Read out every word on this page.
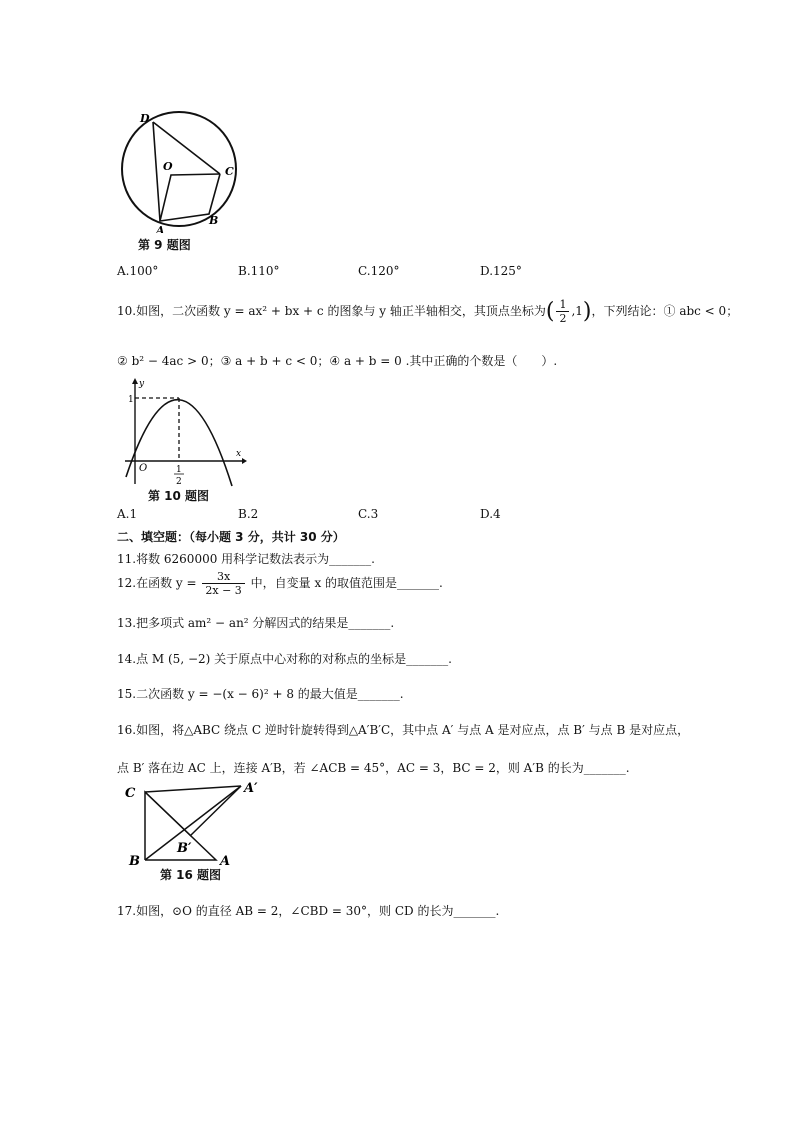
D
O	C
B
A
第 9 题图
A.100°	B.110°	C.120°	D.125°
10.如图，二次函数 y = ax² + bx + c 的图象与 y 轴正半轴相交，其顶点坐标为( $\frac{1}{2} ,1$)，下列结论：① abc < 0；
② b² − 4ac > 0；③ a + b + c < 0；④ a + b = 0 .其中正确的个数是（　　）.
y
x
O
1
1
2
第 10 题图
A.1	B.2	C.3	D.4
二、填空题：（每小题 3 分，共计 30 分）
11.将数 6260000 用科学记数法表示为_______.
12.在函数 $y = \frac{3x}{2x - 3}$ 中，自变量 x 的取值范围是_______.
13.把多项式 am² − an² 分解因式的结果是_______.
14.点 M (5, −2) 关于原点中心对称的对称点的坐标是_______.
15.二次函数 y = −(x − 6)² + 8 的最大值是_______.
16.如图，将△ABC 绕点 C 逆时针旋转得到△A′B′C，其中点 A′ 与点 A 是对应点，点 B′ 与点 B 是对应点，
点 B′ 落在边 AC 上，连接 A′B，若 ∠ACB = 45°，AC = 3，BC = 2，则 A′B 的长为_______.
C	A′
B′
B	A
第 16 题图
17.如图，⊙O 的直径 AB = 2，∠CBD = 30°，则 CD 的长为_______.
